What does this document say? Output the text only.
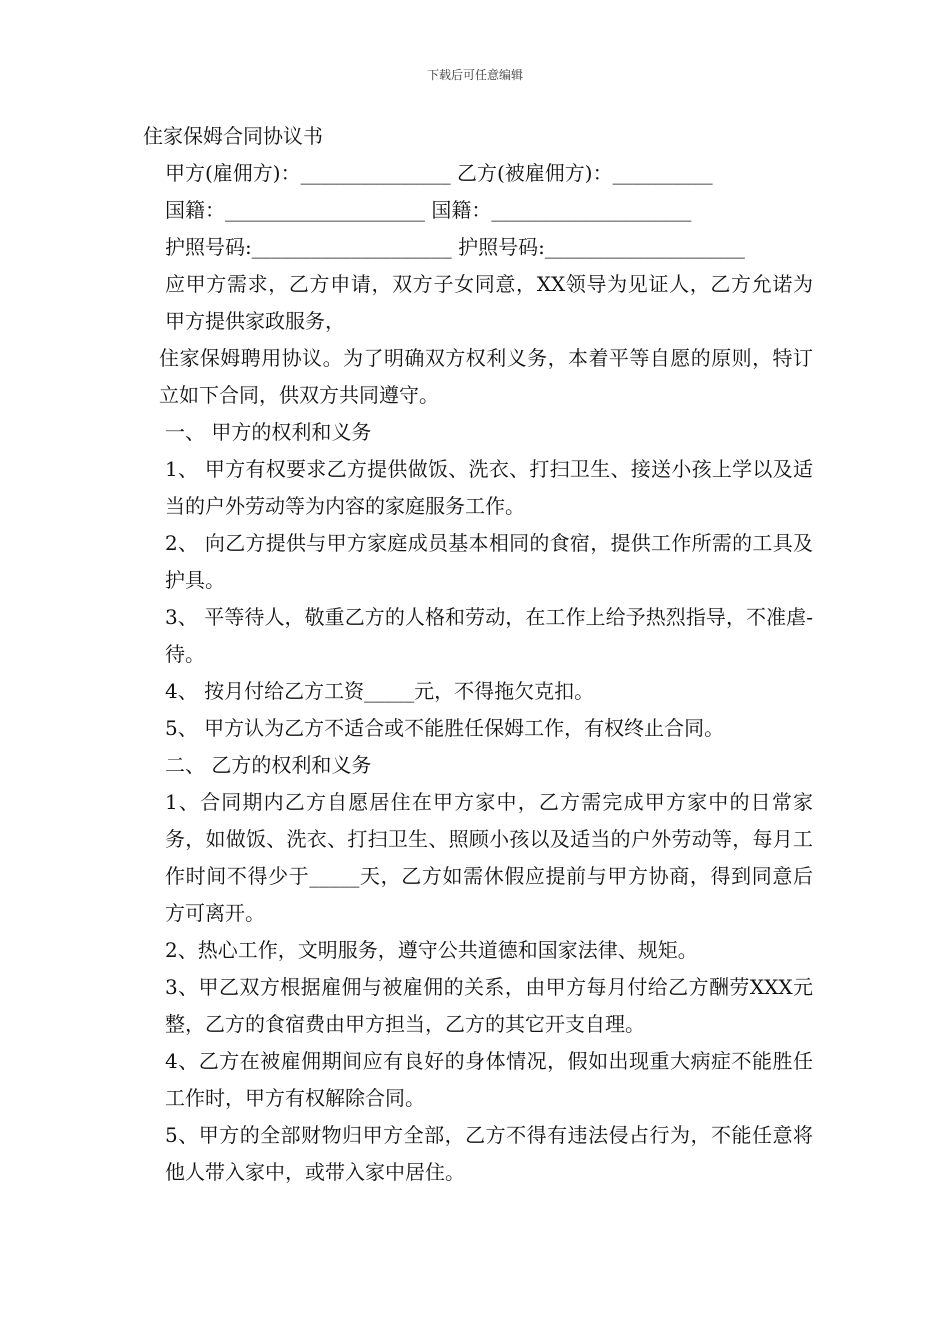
下载后可任意编辑
住家保姆合同协议书
甲方(雇佣方)：_______________ 乙方(被雇佣方)：__________
国籍：____________________ 国籍：____________________
护照号码:____________________ 护照号码:____________________
应甲方需求，乙方申请，双方子女同意，XX领导为见证人，乙方允诺为甲方提供家政服务，
住家保姆聘用协议。为了明确双方权利义务，本着平等自愿的原则，特订立如下合同，供双方共同遵守。
一、 甲方的权利和义务
1、 甲方有权要求乙方提供做饭、洗衣、打扫卫生、接送小孩上学以及适当的户外劳动等为内容的家庭服务工作。
2、 向乙方提供与甲方家庭成员基本相同的食宿，提供工作所需的工具及护具。
3、 平等待人，敬重乙方的人格和劳动，在工作上给予热烈指导，不准虐-待。
4、 按月付给乙方工资_____元，不得拖欠克扣。
5、 甲方认为乙方不适合或不能胜任保姆工作，有权终止合同。
二、 乙方的权利和义务
1、合同期内乙方自愿居住在甲方家中，乙方需完成甲方家中的日常家务，如做饭、洗衣、打扫卫生、照顾小孩以及适当的户外劳动等，每月工作时间不得少于_____天，乙方如需休假应提前与甲方协商，得到同意后方可离开。
2、热心工作，文明服务，遵守公共道德和国家法律、规矩。
3、甲乙双方根据雇佣与被雇佣的关系，由甲方每月付给乙方酬劳XXX元整，乙方的食宿费由甲方担当，乙方的其它开支自理。
4、乙方在被雇佣期间应有良好的身体情况，假如出现重大病症不能胜任工作时，甲方有权解除合同。
5、甲方的全部财物归甲方全部，乙方不得有违法侵占行为，不能任意将他人带入家中，或带入家中居住。
